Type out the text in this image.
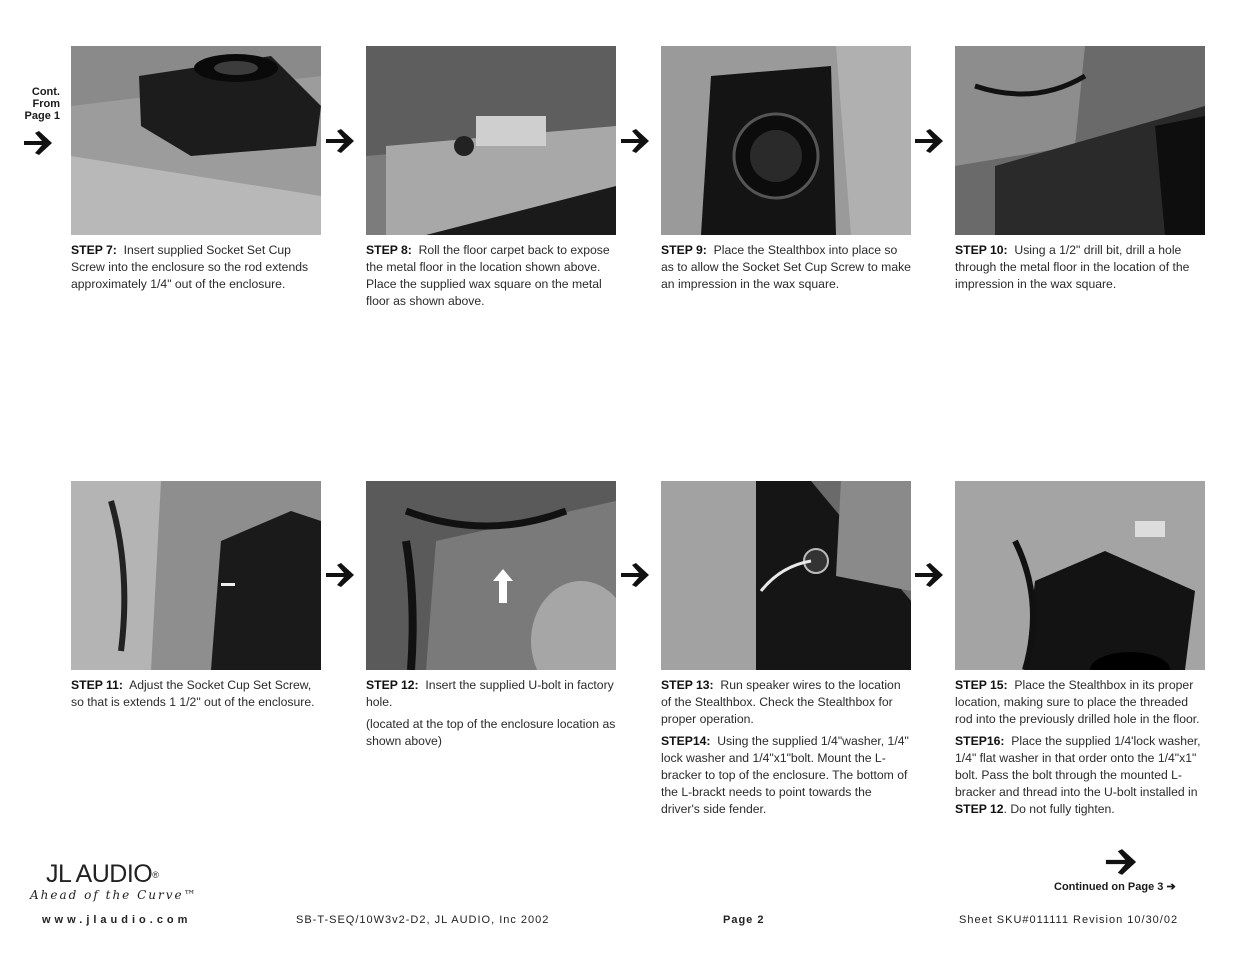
Cont.
From
Page 1

STEP 7: Insert supplied Socket Set Cup Screw into the enclosure so the rod extends approximately 1/4" out of the enclosure.

STEP 8: Roll the floor carpet back to expose the metal floor in the location shown above. Place the supplied wax square on the metal floor as shown above.

STEP 9: Place the Stealthbox into place so as to allow the Socket Set Cup Screw to make an impression in the wax square.

STEP 10: Using a 1/2" drill bit, drill a hole through the metal floor in the location of the impression in the wax square.

STEP 11: Adjust the Socket Cup Set Screw, so that is extends 1 1/2" out of the enclosure.

STEP 12: Insert the supplied U-bolt in factory hole.

(located at the top of the enclosure location as shown above)

STEP 13: Run speaker wires to the location of the Stealthbox. Check the Stealthbox for proper operation.

STEP14: Using the supplied 1/4"washer, 1/4" lock washer and 1/4"x1"bolt. Mount the L-bracker to top of the enclosure. The bottom of the L-brackt needs to point towards the driver's side fender.

STEP 15: Place the Stealthbox in its proper location, making sure to place the threaded rod into the previously drilled hole in the floor.

STEP16: Place the supplied 1/4'lock washer, 1/4" flat washer in that order onto the 1/4"x1" bolt. Pass the bolt through the mounted L-bracker and thread into the U-bolt installed in STEP 12. Do not fully tighten.

Continued on Page 3 ➔
JL AUDIO®
Ahead of the Curve™
www.jlaudio.com	SB-T-SEQ/10W3v2-D2, JL AUDIO, Inc 2002	Page 2	Sheet SKU#011111 Revision 10/30/02
